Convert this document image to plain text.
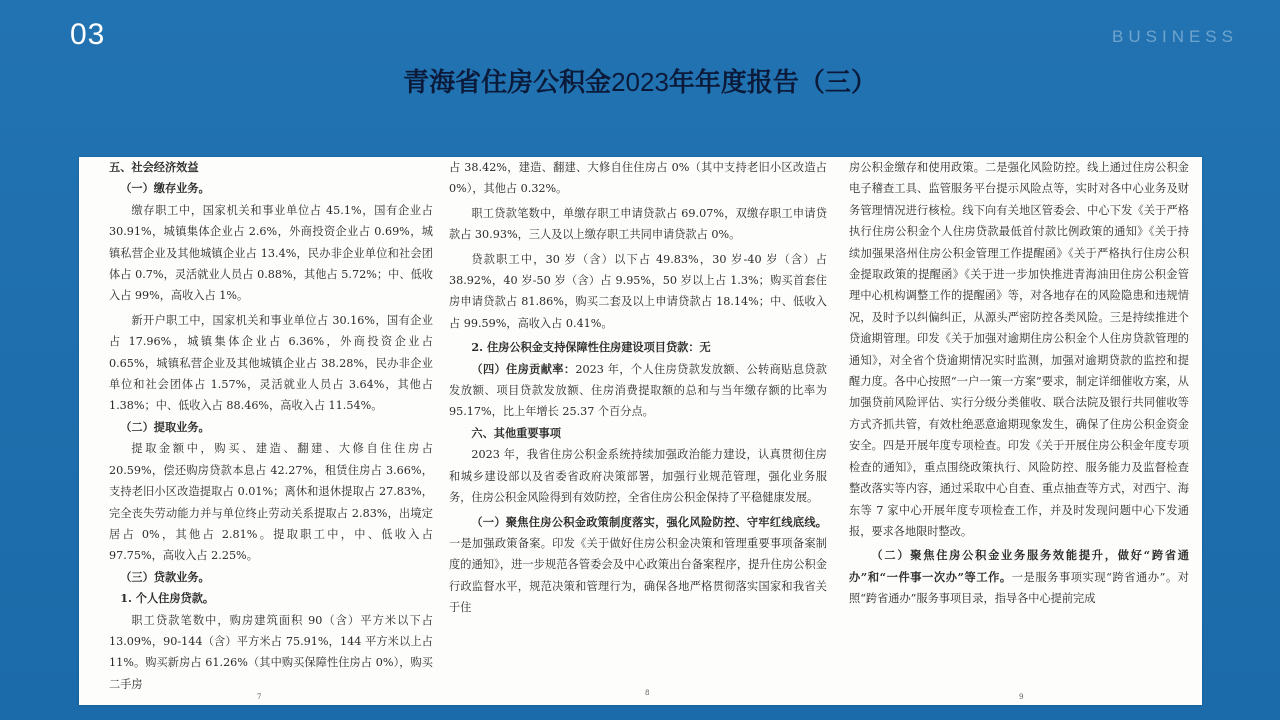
03	BUSINESS
青海省住房公积金2023年年度报告（三）

五、社会经济效益

（一）缴存业务。

缴存职工中，国家机关和事业单位占 45.1%，国有企业占 30.91%，城镇集体企业占 2.6%，外商投资企业占 0.69%，城镇私营企业及其他城镇企业占 13.4%，民办非企业单位和社会团体占 0.7%，灵活就业人员占 0.88%，其他占 5.72%；中、低收入占 99%，高收入占 1%。

新开户职工中，国家机关和事业单位占 30.16%，国有企业占 17.96%，城镇集体企业占 6.36%，外商投资企业占 0.65%，城镇私营企业及其他城镇企业占 38.28%，民办非企业单位和社会团体占 1.57%，灵活就业人员占 3.64%，其他占 1.38%；中、低收入占 88.46%，高收入占 11.54%。

（二）提取业务。

提取金额中，购买、建造、翻建、大修自住住房占 20.59%，偿还购房贷款本息占 42.27%，租赁住房占 3.66%，支持老旧小区改造提取占 0.01%；离休和退休提取占 27.83%，完全丧失劳动能力并与单位终止劳动关系提取占 2.83%，出境定居占 0%，其他占 2.81%。提取职工中，中、低收入占 97.75%，高收入占 2.25%。

（三）贷款业务。

1. 个人住房贷款。

职工贷款笔数中，购房建筑面积 90（含）平方米以下占 13.09%，90-144（含）平方米占 75.91%，144 平方米以上占 11%。购买新房占 61.26%（其中购买保障性住房占 0%），购买二手房

占 38.42%，建造、翻建、大修自住住房占 0%（其中支持老旧小区改造占 0%），其他占 0.32%。

职工贷款笔数中，单缴存职工申请贷款占 69.07%，双缴存职工申请贷款占 30.93%，三人及以上缴存职工共同申请贷款占 0%。

贷款职工中，30 岁（含）以下占 49.83%，30 岁-40 岁（含）占 38.92%，40 岁-50 岁（含）占 9.95%，50 岁以上占 1.3%；购买首套住房申请贷款占 81.86%，购买二套及以上申请贷款占 18.14%；中、低收入占 99.59%，高收入占 0.41%。

2. 住房公积金支持保障性住房建设项目贷款：无

（四）住房贡献率：2023 年，个人住房贷款发放额、公转商贴息贷款发放额、项目贷款发放额、住房消费提取额的总和与当年缴存额的比率为 95.17%，比上年增长 25.37 个百分点。

六、其他重要事项

2023 年，我省住房公积金系统持续加强政治能力建设，认真贯彻住房和城乡建设部以及省委省政府决策部署，加强行业规范管理，强化业务服务，住房公积金风险得到有效防控，全省住房公积金保持了平稳健康发展。

（一）聚焦住房公积金政策制度落实，强化风险防控、守牢红线底线。一是加强政策备案。印发《关于做好住房公积金决策和管理重要事项备案制度的通知》，进一步规范各管委会及中心政策出台备案程序，提升住房公积金行政监督水平，规范决策和管理行为，确保各地严格贯彻落实国家和我省关于住

房公积金缴存和使用政策。二是强化风险防控。线上通过住房公积金电子稽查工具、监管服务平台提示风险点等，实时对各中心业务及财务管理情况进行核检。线下向有关地区管委会、中心下发《关于严格执行住房公积金个人住房贷款最低首付款比例政策的通知》《关于持续加强果洛州住房公积金管理工作提醒函》《关于严格执行住房公积金提取政策的提醒函》《关于进一步加快推进青海油田住房公积金管理中心机构调整工作的提醒函》等，对各地存在的风险隐患和违规情况，及时予以纠偏纠正，从源头严密防控各类风险。三是持续推进个贷逾期管理。印发《关于加强对逾期住房公积金个人住房贷款管理的通知》，对全省个贷逾期情况实时监测，加强对逾期贷款的监控和提醒力度。各中心按照“一户一策一方案”要求，制定详细催收方案，从加强贷前风险评估、实行分级分类催收、联合法院及银行共同催收等方式齐抓共管，有效杜绝恶意逾期现象发生，确保了住房公积金资金安全。四是开展年度专项检查。印发《关于开展住房公积金年度专项检查的通知》，重点围绕政策执行、风险防控、服务能力及监督检查整改落实等内容，通过采取中心自查、重点抽查等方式，对西宁、海东等 7 家中心开展年度专项检查工作，并及时发现问题中心下发通报，要求各地限时整改。

（二）聚焦住房公积金业务服务效能提升，做好“跨省通办”和“一件事一次办”等工作。一是服务事项实现“跨省通办”。对照“跨省通办”服务事项目录，指导各中心提前完成

7	8	9
